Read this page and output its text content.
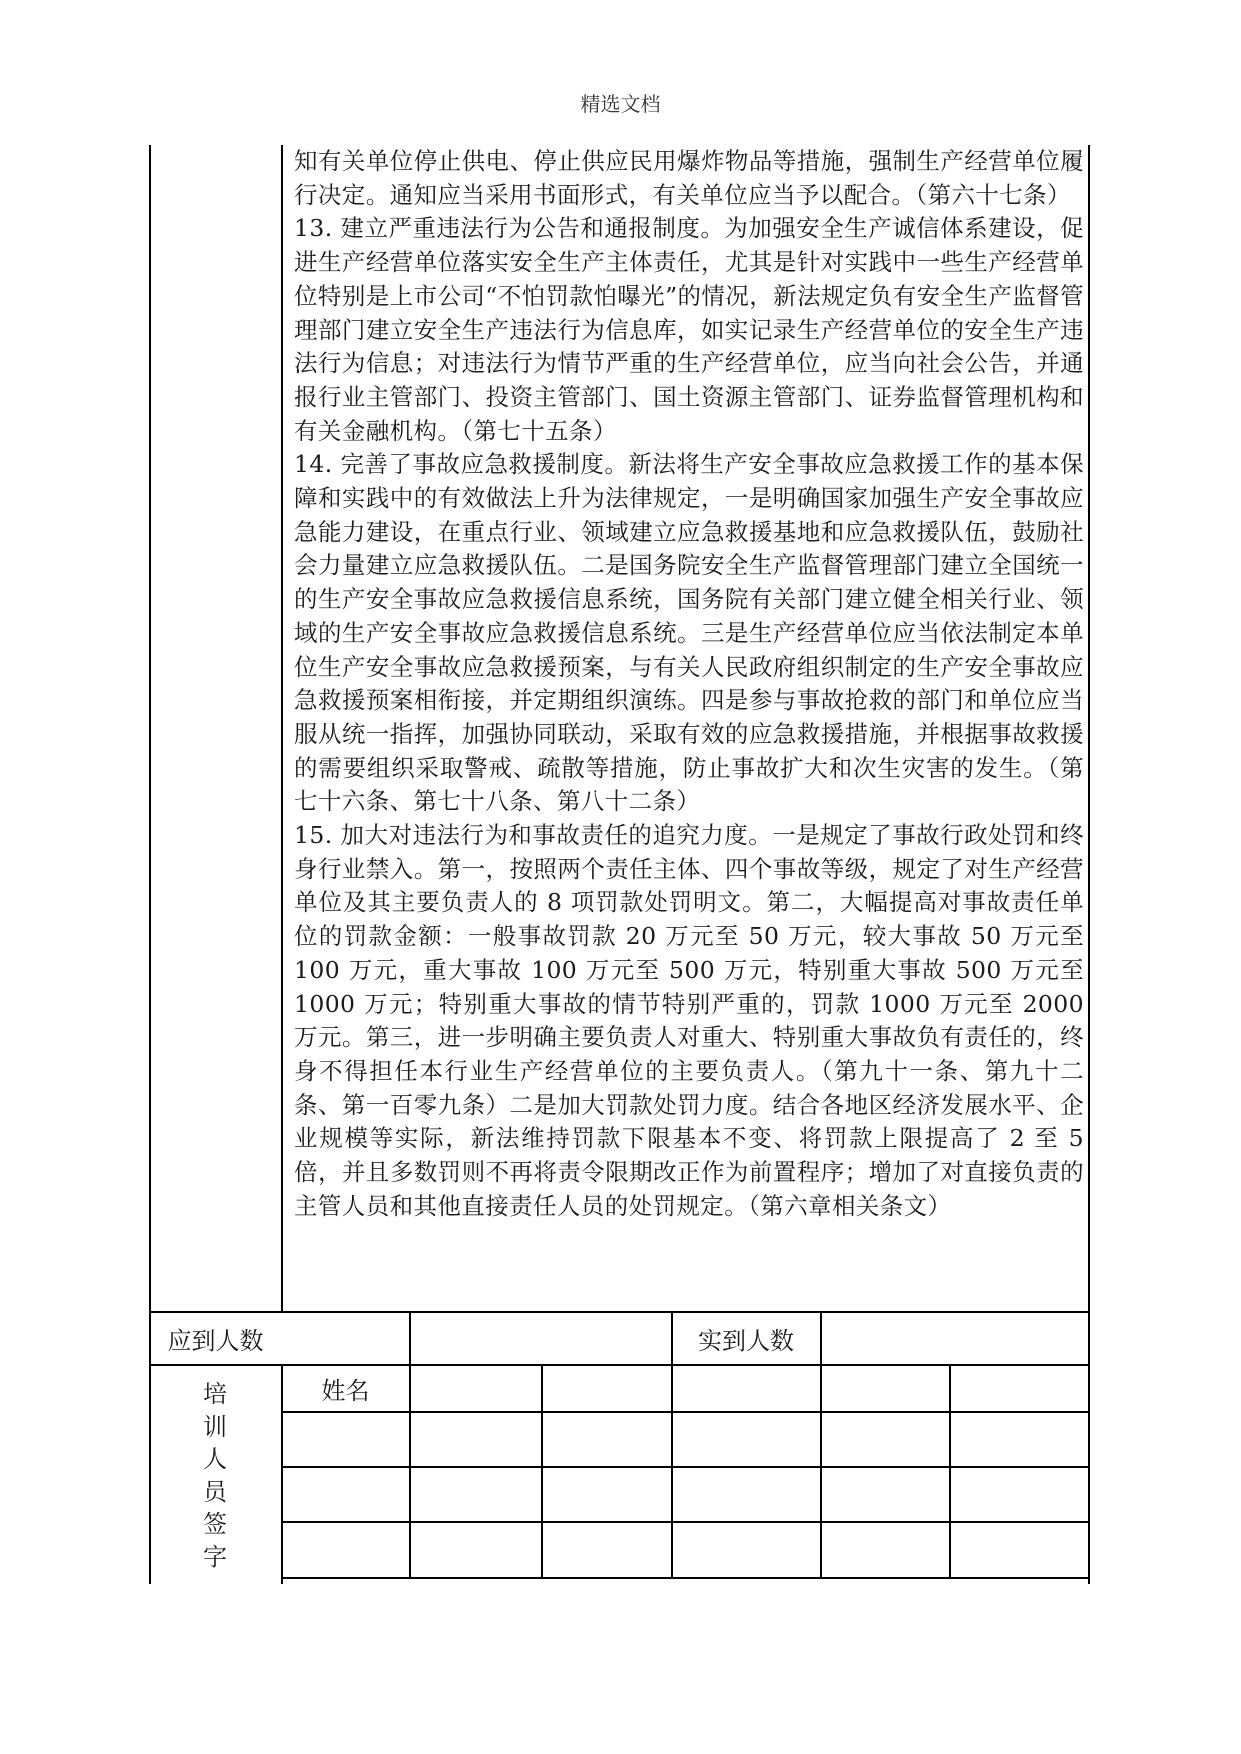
精选文档

知有关单位停止供电、停止供应民用爆炸物品等措施，强制生产经营单位履行决定。通知应当采用书面形式，有关单位应当予以配合。（第六十七条）

13. 建立严重违法行为公告和通报制度。为加强安全生产诚信体系建设，促进生产经营单位落实安全生产主体责任，尤其是针对实践中一些生产经营单位特别是上市公司“不怕罚款怕曝光”的情况，新法规定负有安全生产监督管理部门建立安全生产违法行为信息库，如实记录生产经营单位的安全生产违法行为信息；对违法行为情节严重的生产经营单位，应当向社会公告，并通报行业主管部门、投资主管部门、国土资源主管部门、证券监督管理机构和有关金融机构。（第七十五条）

14. 完善了事故应急救援制度。新法将生产安全事故应急救援工作的基本保障和实践中的有效做法上升为法律规定，一是明确国家加强生产安全事故应急能力建设，在重点行业、领域建立应急救援基地和应急救援队伍，鼓励社会力量建立应急救援队伍。二是国务院安全生产监督管理部门建立全国统一的生产安全事故应急救援信息系统，国务院有关部门建立健全相关行业、领域的生产安全事故应急救援信息系统。三是生产经营单位应当依法制定本单位生产安全事故应急救援预案，与有关人民政府组织制定的生产安全事故应急救援预案相衔接，并定期组织演练。四是参与事故抢救的部门和单位应当服从统一指挥，加强协同联动，采取有效的应急救援措施，并根据事故救援的需要组织采取警戒、疏散等措施，防止事故扩大和次生灾害的发生。（第七十六条、第七十八条、第八十二条）

15. 加大对违法行为和事故责任的追究力度。一是规定了事故行政处罚和终身行业禁入。第一，按照两个责任主体、四个事故等级，规定了对生产经营单位及其主要负责人的 8 项罚款处罚明文。第二，大幅提高对事故责任单位的罚款金额：一般事故罚款 20 万元至 50 万元，较大事故 50 万元至 100 万元，重大事故 100 万元至 500 万元，特别重大事故 500 万元至 1000 万元；特别重大事故的情节特别严重的，罚款 1000 万元至 2000 万元。第三，进一步明确主要负责人对重大、特别重大事故负有责任的，终身不得担任本行业生产经营单位的主要负责人。（第九十一条、第九十二条、第一百零九条）二是加大罚款处罚力度。结合各地区经济发展水平、企业规模等实际，新法维持罚款下限基本不变、将罚款上限提高了 2 至 5 倍，并且多数罚则不再将责令限期改正作为前置程序；增加了对直接负责的主管人员和其他直接责任人员的处罚规定。（第六章相关条文）

应到人数	实到人数
培
训
人
员
签
字
姓名
